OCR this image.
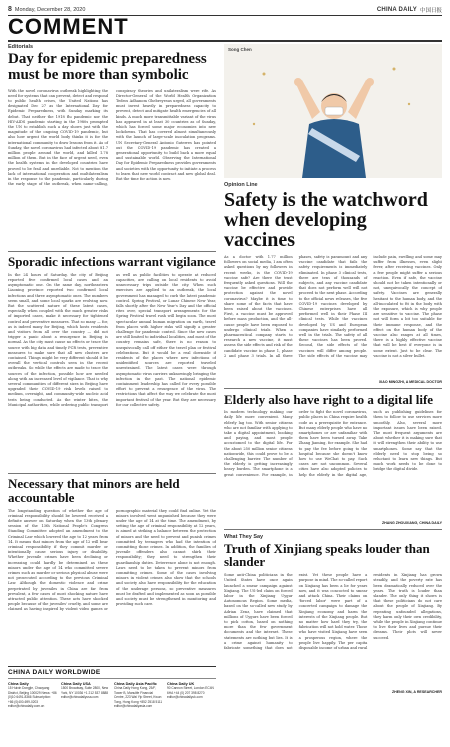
8 Monday, December 28, 2020	CHINA DAILY 中国日报
COMMENT
Editorials
Day for epidemic preparedness must be more than symbolic
With the novel coronavirus outbreak highlighting the need for systems that can prevent, detect and respond to public health crises, the United Nations has designated Dec 27 as the International Day for Epidemic Preparedness, with Sunday marking its debut. That neither the 1918 flu pandemic nor the HIV-AIDS pandemic starting in the 1980s prompted the UN to establish such a day shows just with the magnitude of the ongoing COVID-19 pandemic, but also how urgent the world body thinks it is for the international community to draw lessons from it. As of Sunday, the novel coronavirus had infected about 81.7 million people around the world, and killed 1.78 million of them. But in the face of urgent need, even the health systems in the developed countries have proved to be frail and unreliable. Not to mention the lack of international cooperation and multilateralism in the response to the pandemic, particularly during the early stage of the outbreak, when name-calling, conspiracy theories and unilateralism were rife. As Director-General of the World Health Organization Tedros Adhanom Ghebreyesus urged, all governments must invest heavily in preparedness capacity to prevent, detect and mitigate health emergencies of all kinds. A much more transmittable variant of the virus has appeared in at least 30 countries as of Sunday, which has forced some major economies into new lockdowns. That has covered almost simultaneously with the launch of large-scale inoculation programs. UN Secretary-General Antonio Guterres has pointed out the COVID-19 pandemic has created a generational opportunity to build back a more equal and sustainable world. Observing the International Day for Epidemic Preparedness provides governments and societies with the opportunity to initiate a process to learn that new world contract and new global deal. But the time for action is now.
Sporadic infections warrant vigilance
In the 24 hours of Saturday, the city of Beijing reported five confirmed local cases and an asymptomatic one. On the same day, northeastern Liaoning province reported two confirmed local infections and three asymptomatic ones. The numbers seem small, and some local sparks are evolving now. But the scattered nature of these latest cases, especially when coupled with the much greater risks of imported cases, make it necessary for tightened control and preventive measures. That so many — for, as is indeed many for Beijing, which hosts residents and visitors from all over the country — did not trigger a panic about a resurgence in Beijing is normal. As the city must cause no effects or trace the source with big data and timely PCR tests, preventive measures to make sure that all new clusters are contained. Things might be very different should it be overall the vertical controls seen in the recent outbreaks. So while the effects are made to trace the sources of the infection, possible how are needed along with an increased level of vigilance. That is why several communities of different sizes in Beijing have upgraded their COVID-19 risk levels raised to medium, overnight, and community-wide nucleic acid tests being conducted. As the winter bites, the Municipal authorities, while ordering public transport as well as public facilities to operate at reduced capacities, are calling on local residents to avoid unnecessary trips outside the city. When such exercises are applied to an outbreak, the local government has managed to curb the latest pandemic control. Spring Festival, or Lunar Chinese New Year, falls shortly after the New Year's Day and the official rites over, special transport arrangements for the Spring Festival travel rush will begin soon. The most spectacular annual human migration on earth, travel from places with higher risks will signify a greater challenge for pandemic control. Since the new cases are still limited to individual localities, and most of the country remains safe, there is no reason to unequivocally call off either the travel plan or festival celebrations. But it would be a real downside if residents of the places where new infections of unidentified sources are reported traveled unrestrained. The latest cases were through asymptomatic virus carriers unknowingly bringing the infection in the past. The national epidemic containment leadership has called for every possible effort to prevent a resurgence of the virus. The restrictions that affect the way we celebrate the most important festival of the year. But they are necessary for our collective safety.
Necessary that minors are held accountable
The longstanding question of whether the age of criminal responsibility should be lowered received a definite answer on Saturday when the 13th plenary session of the 13th National People's Congress Standing Committee adopted an amendment to the Criminal Law which lowered the age to 12 years from 14. It means that minors from the age of 12 will bear criminal responsibility if they commit murder or intentionally cause serious injury or disability. Whether juvenile crimes have been declining or increasing could hardly be determined as these minors under the age of 14 who committed severe crimes such as murder or serious physical abuse were not prosecuted according to the previous Criminal Law. Although the domestic violence and crime perpetrated by juveniles in China are far from prevalent, a few cases of most shocking nature have attracted public attention. These acts have shocked people because of the juveniles' cruelty, and some are claimed as having inspired by violent video games or pornographic material they could find online. Yet the minors involved went unpunished because they were under the age of 14 at the time. The amendment, by setting the age of criminal responsibility at 12 years, is aimed at striking a balance between the protection of minors and the need to prevent and punish crimes committed by teenagers who had the intention of committing those crimes. In addition, the families of juvenile offenders also cannot shirk their responsibility; they need to strengthen their guardianship duties. Deterrence alone is not enough. Laws need to be taken to prevent minors from committing crimes. Some of the cases involving minors in violent crimes also show that the schools and society also have responsibility for the education of the underage persons, so preventive measures must be drafted and implemented as soon as possible and society must be strengthened in monitoring and providing such care.
CHINA DAILY WORLDWIDE
China Daily
15 Huixin Dongjie, Chaoyang District, Beijing 100029 News: +86 (0)10 6491-8366 Subscription: +86 (0)400-699-0203 editor@chinadaily.com.cn
China Daily USA
1500 Broadway, Suite 2800, New York, NY 10036 +1 212 537 8888 editor@chinadailyusa.com
China Daily Asia Pacific
China Daily Hong Kong, 25/F, Tower B, Manulife Financial Centre, 223 Wai Yip Street, Kwun Tong, Hong Kong +852 2518 5111 editor@chinadailyasia.com
China Daily UK
90 Cannon Street, London EC4N 6HA +44 (0) 207 398 8270 editor@chinadailyuk.com
Song Chen
Opinion Line
Safety is the watchword when developing vaccines
As a doctor with 1.77 million followers on social media, I am often asked questions by my followers in recent weeks, is the COVID-19 vaccine safe? Are there the trust frequently asked questions. Will the vaccine be effective and provide protection against the novel coronavirus? Maybe it is time to share some of the facts that have been raised about the vaccines. First, a vaccine must be approved before mass production, and the all-cause people have been exposed to undergo clinical trials. When a pharmaceutical company starts to research a new vaccine, it must assess the side effects and risk of the candidate vaccine in phase 1, phase 2 and phase 3 trials. In all three phases, safety is paramount and any vaccine candidate that fails the safety requirements is immediately eliminated. In phase 3 clinical tests, there are tens of thousands of subjects, and any vaccine candidate that does not perform well will not proceed to the next phase. According to the official news releases, the five COVID-19 vaccines developed by Chinese enterprises have all performed well in their Phase III clinical tests. While the vaccines developed by US and European companies have similarly performed well in the trials. The safety of all these vaccines has been proved. Second, the side effects of the vaccines will differ among people. The side effects of the vaccine may include pain, swelling and some may suffer from illnesses, even slight fever, after receiving vaccines. Only a few people might suffer a serious reaction. Even if safe, the vaccine should not be taken intentionally or not, unequivocally the concept of safety. Vaccines are generally hesitant to the human body, and the all-inoculated to fit in the body with the exposure, which is why people are sensitive to vaccine. The phase not will form a bit too suitable for their immune response, and the effect on the human body of the vaccine also ranges at all times, there is a highly effective vaccine that will be best if everyone is in some extent. Just to be clear. The vaccine is not a silver bullet.
XIAO MINGZHI, A MEDICAL DOCTOR
Elderly also have right to a digital life
In modern technology making our daily life more convenient. Many elderly lag too. With senior citizens who are not familiar with applying to take a digital appointment, booking and paying, and most people accustomed to the digital life. For the about 250 million senior citizens nationwide, this could prove to be a challenging barrier. The number of the elderly is getting increasingly heavy burden. The smartphone is a great convenience. For example, in order to fight the novel coronavirus, public places in China require health code as a prerequisite for entrance. But many elderly people who have no smartphones or are unfamiliar with them have been turned away. Take Zhang Jiaming, for example. She had to pay the fee before going to the hospital because she doesn't know how to use WeChat to pay. Such cases are not uncommon. Several cities have also adopted policies to help the elderly in the digital age, such as publishing guidelines for them to follow to use services more smoothly. Also, several more important issues have been raised. The most frequent arguments are about whether it is making sure that it will strengthen their ability to use smartphones. Some say that the elderly need to stop being so reluctant to learn new things. But much work needs to be done to bridge the digital divide.
ZHANG ZHOUXIANG, CHINA DAILY
What They Say
Truth of Xinjiang speaks louder than slander
Some anti-China politicians in the United States have once again launched a smear campaign against Xinjiang. The US-led claim on forced labor in the Xinjiang Uygur Autonomous Region. Some media, based on the so-called new study by Adrian Zenz, have claimed that millions of Uygurs have been forced to pick cotton, based on nothing more than the few government documents and the internet. These statements are nothing but lies. It is a crime against humanity to fabricate something that does not exist. Yet these people have a purpose in mind. The so-called report on Xinjiang has been a lie for years now, and it was concocted to smear and attack China. Their claims on 'forced labor' were part of a concerted campaign to damage the Xinjiang economy and harm the interests of the Xinjiang people. But no matter how hard they try, the fabrication will not hold water. Those who have visited Xinjiang have seen a prosperous region, where the people live happily. The per capita disposable income of urban and rural residents in Xinjiang has grown steadily, and the poverty rate has been dramatically reduced over the years. The truth is louder than slander. The only thing it shows is that these politicians do not care about the people of Xinjiang. By repeating unfounded allegations, they harm only their own credibility, while the people in Xinjiang continue to live their lives and pursue their dreams. Their plots will never succeed.
ZHENG XIN, A RESEARCHER
